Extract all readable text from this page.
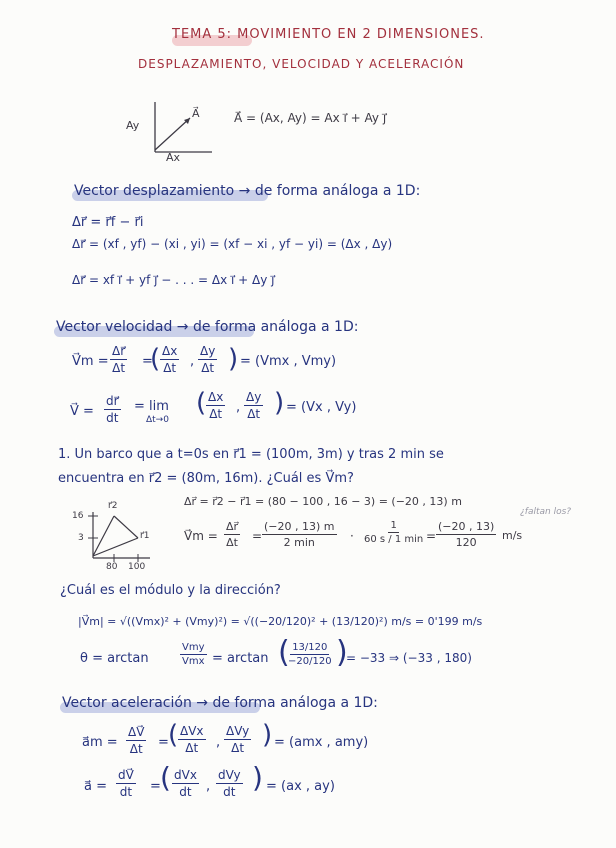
TEMA 5: MOVIMIENTO EN 2 DIMENSIONES.
DESPLAZAMIENTO, VELOCIDAD Y ACELERACIÓN
Ay
Ax
A⃗	A⃗ = (Ax, Ay) = Ax i⃗ + Ay j⃗
Vector desplazamiento → de forma análoga a 1D:
Δr⃗ = r⃗f − r⃗i
Δr⃗ = (xf , yf) − (xi , yi) = (xf − xi , yf − yi) = (Δx , Δy)
Δr⃗ = xf i⃗ + yf j⃗ − . . . = Δx i⃗ + Δy j⃗
Vector velocidad → de forma análoga a 1D:
V⃗m = $\frac{\Delta r⃗}{\Delta t}$ =
( $\frac{\Delta x}{\Delta t}$ , $\frac{\Delta y}{\Delta t}$ ) = (Vmx , Vmy)
V⃗ = $\frac{dr⃗}{dt} = \lim$
Δt→0
( $\frac{\Delta x}{\Delta t}$ , $\frac{\Delta y}{\Delta t}$ ) = (Vx , Vy)
1. Un barco que a t=0s en r⃗1 = (100m, 3m) y tras 2 min se
encuentra en r⃗2 = (80m, 16m). ¿Cuál es V⃗m?
r⃗2
r⃗1
16
3
80 100
Δr⃗ = r⃗2 − r⃗1 = (80 − 100 , 16 − 3) = (−20 , 13) m
V⃗m = $\frac{\Delta r⃗}{\Delta t}$ =
(−20 , 13) m
2 min	·
1
60 s / 1 $\min = \frac{(-20 , 13)}{120} m/s$
¿faltan los?
¿Cuál es el módulo y la dirección?
|V⃗m| = √((Vmx)² + (Vmy)²) = √((−20/120)² + (13/120)²) m/s = 0'199 m/s
θ = arctan
Vmy
Vmx = arctan (
$\frac{13/120}{-20/120}$ )
= −33 ⇒ (−33 , 180)
Vector aceleración → de forma análoga a 1D:
a⃗m = $\frac{\Delta V⃗}{\Delta t}$ = ( ΔVx
Δt ,
ΔVy
Δt ) = (amx , amy)
a⃗ = $\frac{dV⃗}{dt}$ = ( dVx
dt ,
dVy
dt ) = (ax , ay)
